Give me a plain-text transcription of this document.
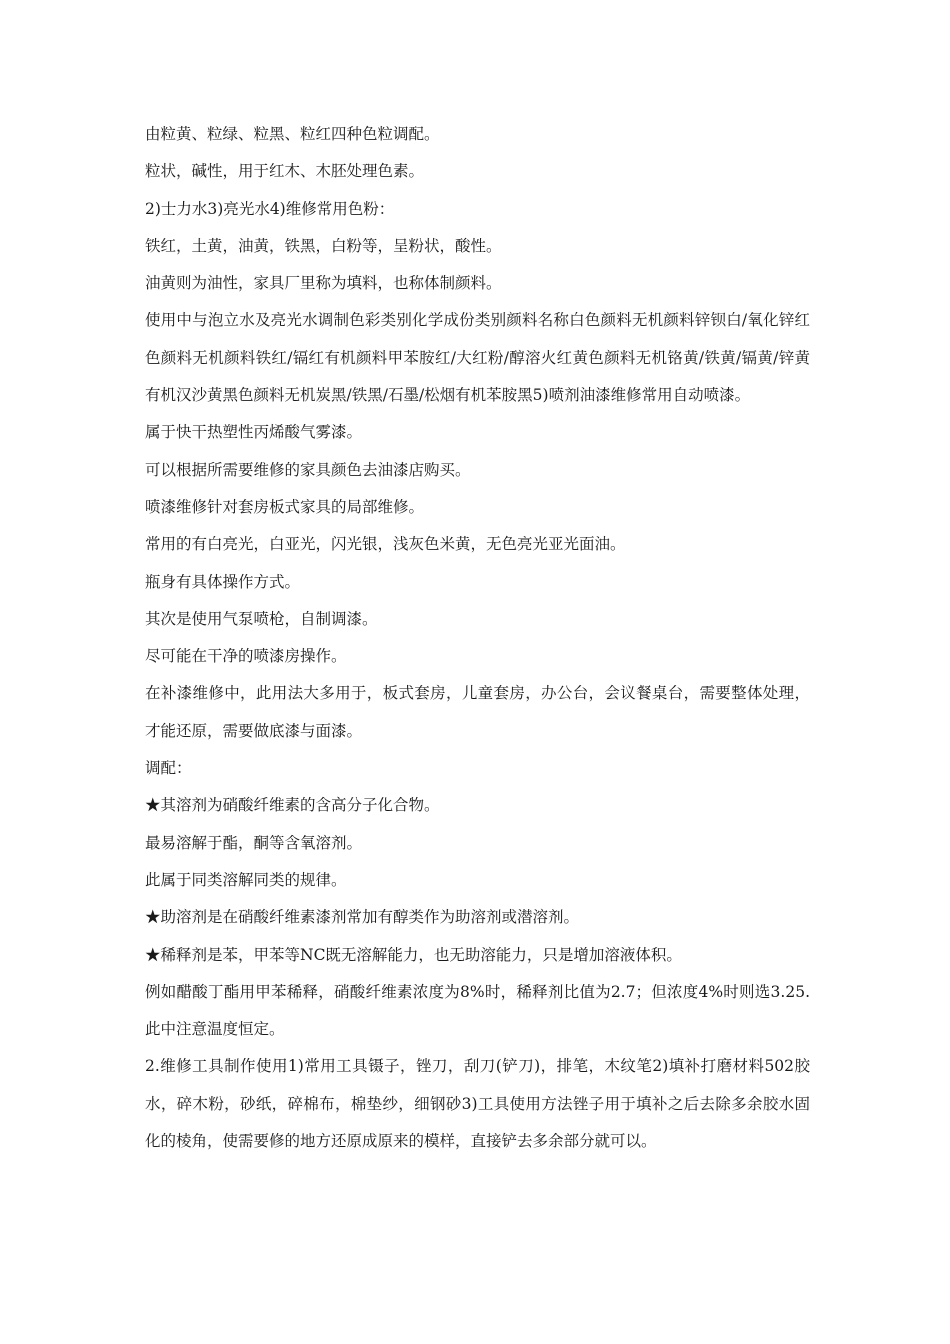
由粒黄、粒绿、粒黑、粒红四种色粒调配。

粒状，碱性，用于红木、木胚处理色素。

2)士力水3)亮光水4)维修常用色粉：

铁红，土黄，油黄，铁黑，白粉等，呈粉状，酸性。

油黄则为油性，家具厂里称为填料，也称体制颜料。

使用中与泡立水及亮光水调制色彩类别化学成份类别颜料名称白色颜料无机颜料锌钡白/氧化锌红色颜料无机颜料铁红/镉红有机颜料甲苯胺红/大红粉/醇溶火红黄色颜料无机铬黄/铁黄/镉黄/锌黄有机汉沙黄黑色颜料无机炭黑/铁黑/石墨/松烟有机苯胺黑5)喷剂油漆维修常用自动喷漆。

属于快干热塑性丙烯酸气雾漆。

可以根据所需要维修的家具颜色去油漆店购买。

喷漆维修针对套房板式家具的局部维修。

常用的有白亮光，白亚光，闪光银，浅灰色米黄，无色亮光亚光面油。

瓶身有具体操作方式。

其次是使用气泵喷枪，自制调漆。

尽可能在干净的喷漆房操作。

在补漆维修中，此用法大多用于，板式套房，儿童套房，办公台，会议餐桌台，需要整体处理，才能还原，需要做底漆与面漆。

调配：

★其溶剂为硝酸纤维素的含高分子化合物。

最易溶解于酯，酮等含氧溶剂。

此属于同类溶解同类的规律。

★助溶剂是在硝酸纤维素漆剂常加有醇类作为助溶剂或潜溶剂。

★稀释剂是苯，甲苯等NC既无溶解能力，也无助溶能力，只是增加溶液体积。

例如醋酸丁酯用甲苯稀释，硝酸纤维素浓度为8%时，稀释剂比值为2.7；但浓度4%时则选3.25.此中注意温度恒定。

2.维修工具制作使用1)常用工具镊子，锉刀，刮刀(铲刀)，排笔，木纹笔2)填补打磨材料502胶水，碎木粉，砂纸，碎棉布，棉垫纱，细钢砂3)工具使用方法锉子用于填补之后去除多余胶水固化的棱角，使需要修的地方还原成原来的模样，直接铲去多余部分就可以。
